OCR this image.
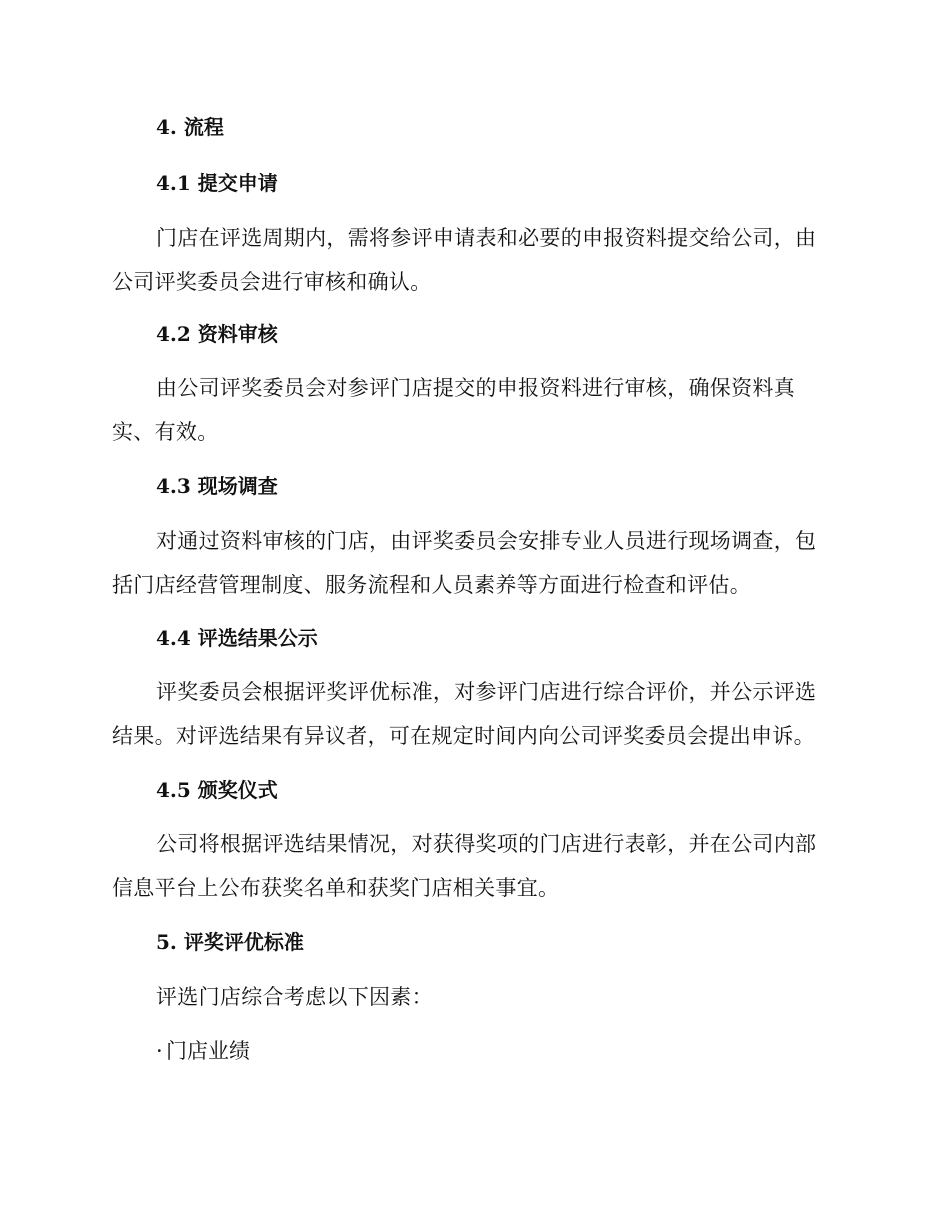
4. 流程
4.1 提交申请

门店在评选周期内，需将参评申请表和必要的申报资料提交给公司，由公司评奖委员会进行审核和确认。

4.2 资料审核

由公司评奖委员会对参评门店提交的申报资料进行审核，确保资料真实、有效。

4.3 现场调查

对通过资料审核的门店，由评奖委员会安排专业人员进行现场调查，包括门店经营管理制度、服务流程和人员素养等方面进行检查和评估。

4.4 评选结果公示

评奖委员会根据评奖评优标准，对参评门店进行综合评价，并公示评选结果。对评选结果有异议者，可在规定时间内向公司评奖委员会提出申诉。

4.5 颁奖仪式

公司将根据评选结果情况，对获得奖项的门店进行表彰，并在公司内部信息平台上公布获奖名单和获奖门店相关事宜。

5. 评奖评优标准

评选门店综合考虑以下因素：

· 门店业绩
